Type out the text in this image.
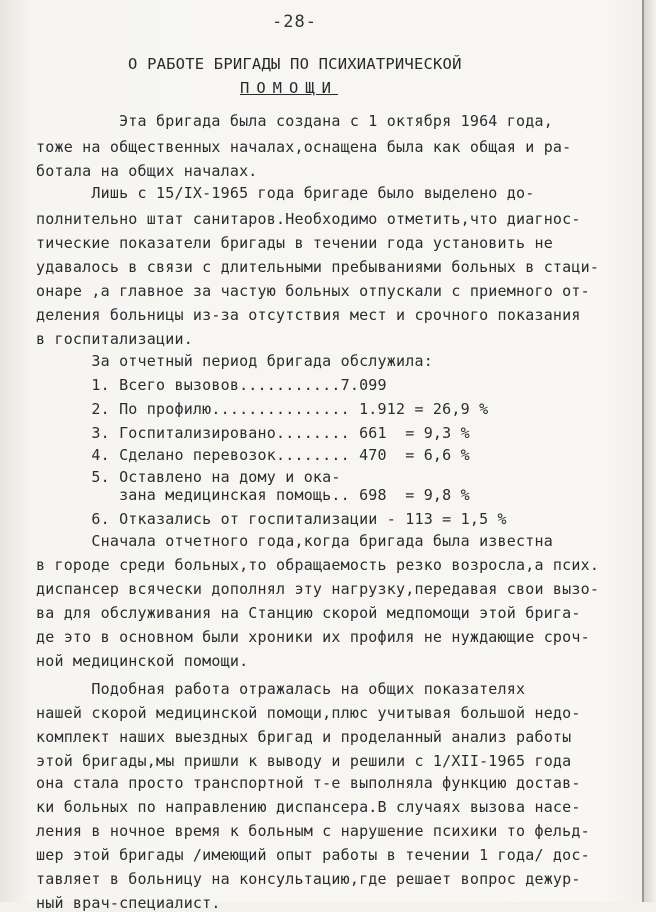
-28-
О РАБОТЕ БРИГАДЫ ПО ПСИХИАТРИЧЕСКОЙ
ПОМОЩИ
Эта бригада была создана с 1 октября 1964 года,
тоже на общественных началах,оснащена была как общая и ра-
ботала на общих началах.
Лишь с 15/IX-1965 года бригаде было выделено до-
полнительно штат санитаров.Необходимо отметить,что диагнос-
тические показатели бригады в течении года установить не
удавалось в связи с длительными пребываниями больных в стаци-
онаре ,а главное за частую больных отпускали с приемного от-
деления больницы из-за отсутствия мест и срочного показания
в госпитализации.
За отчетный период бригада обслужила:
1. Всего вызовов...........7.099
2. По профилю............... 1.912 = 26,9 %
3. Госпитализировано........ 661  = 9,3 %
4. Сделано перевозок........ 470  = 6,6 %
5. Оставлено на дому и ока-
зана медицинская помощь.. 698  = 9,8 %
6. Отказались от госпитализации - 113 = 1,5 %
Сначала отчетного года,когда бригада была известна
в городе среди больных,то обращаемость резко возросла,а псих.
диспансер всячески дополнял эту нагрузку,передавая свои вызо-
ва для обслуживания на Станцию скорой медпомощи этой брига-
де это в основном были хроники их профиля не нуждающие сроч-
ной медицинской помощи.
Подобная работа отражалась на общих показателях
нашей скорой медицинской помощи,плюс учитывая большой недо-
комплект наших выездных бригад и проделанный анализ работы
этой бригады,мы пришли к выводу и решили с 1/XII-1965 года
она стала просто транспортной т-е выполняла функцию достав-
ки больных по направлению диспансера.В случаях вызова насе-
ления в ночное время к больным с нарушение психики то фельд-
шер этой бригады /имеющий опыт работы в течении 1 года/ дос-
тавляет в больницу на консультацию,где решает вопрос дежур-
ный врач-специалист.
